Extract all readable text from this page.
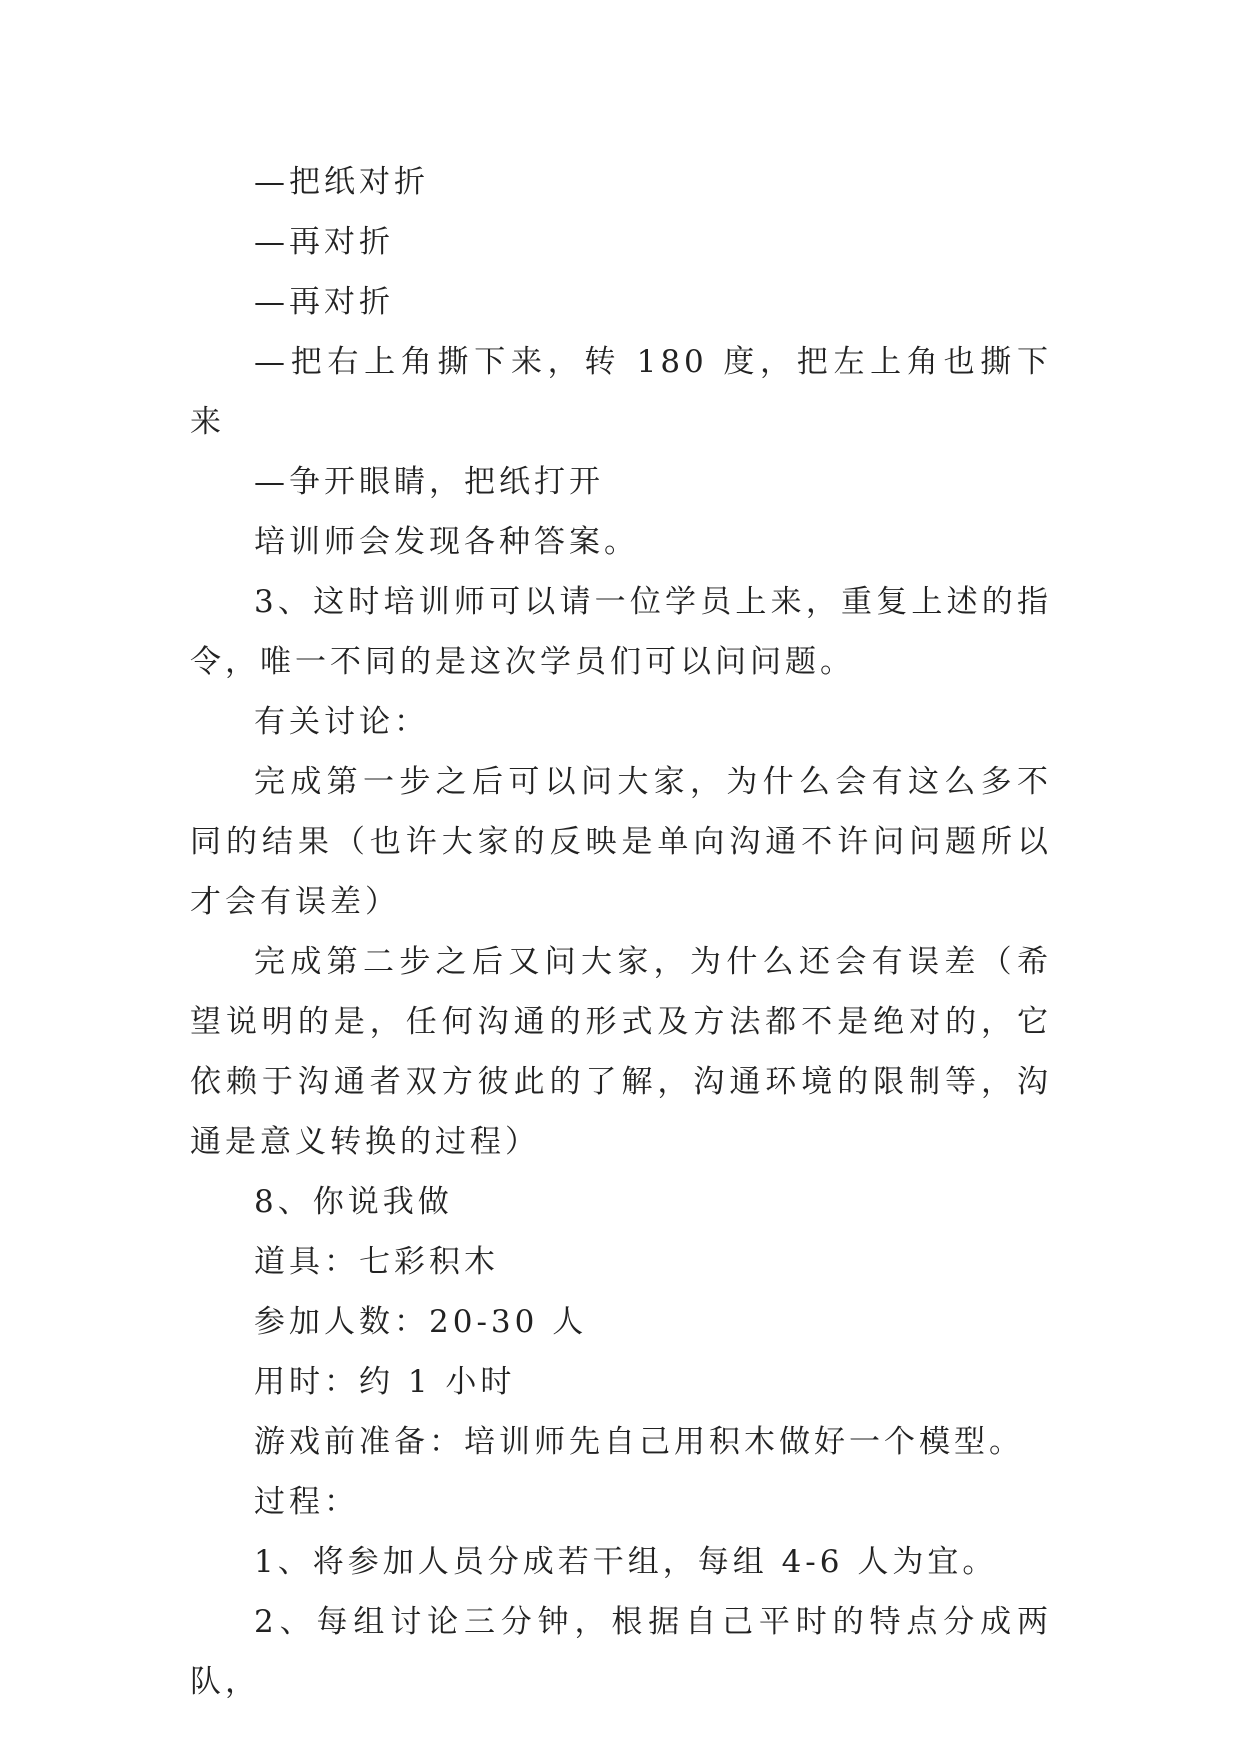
—把纸对折

—再对折

—再对折

—把右上角撕下来，转 180 度，把左上角也撕下来

—争开眼睛，把纸打开

培训师会发现各种答案。

3、这时培训师可以请一位学员上来，重复上述的指令，唯一不同的是这次学员们可以问问题。

有关讨论：

完成第一步之后可以问大家，为什么会有这么多不同的结果（也许大家的反映是单向沟通不许问问题所以才会有误差）

完成第二步之后又问大家，为什么还会有误差（希望说明的是，任何沟通的形式及方法都不是绝对的，它依赖于沟通者双方彼此的了解，沟通环境的限制等，沟通是意义转换的过程）

8、你说我做

道具：七彩积木

参加人数：20-30 人

用时：约 1 小时

游戏前准备：培训师先自己用积木做好一个模型。

过程：

1、将参加人员分成若干组，每组 4-6 人为宜。

2、每组讨论三分钟，根据自己平时的特点分成两队，
